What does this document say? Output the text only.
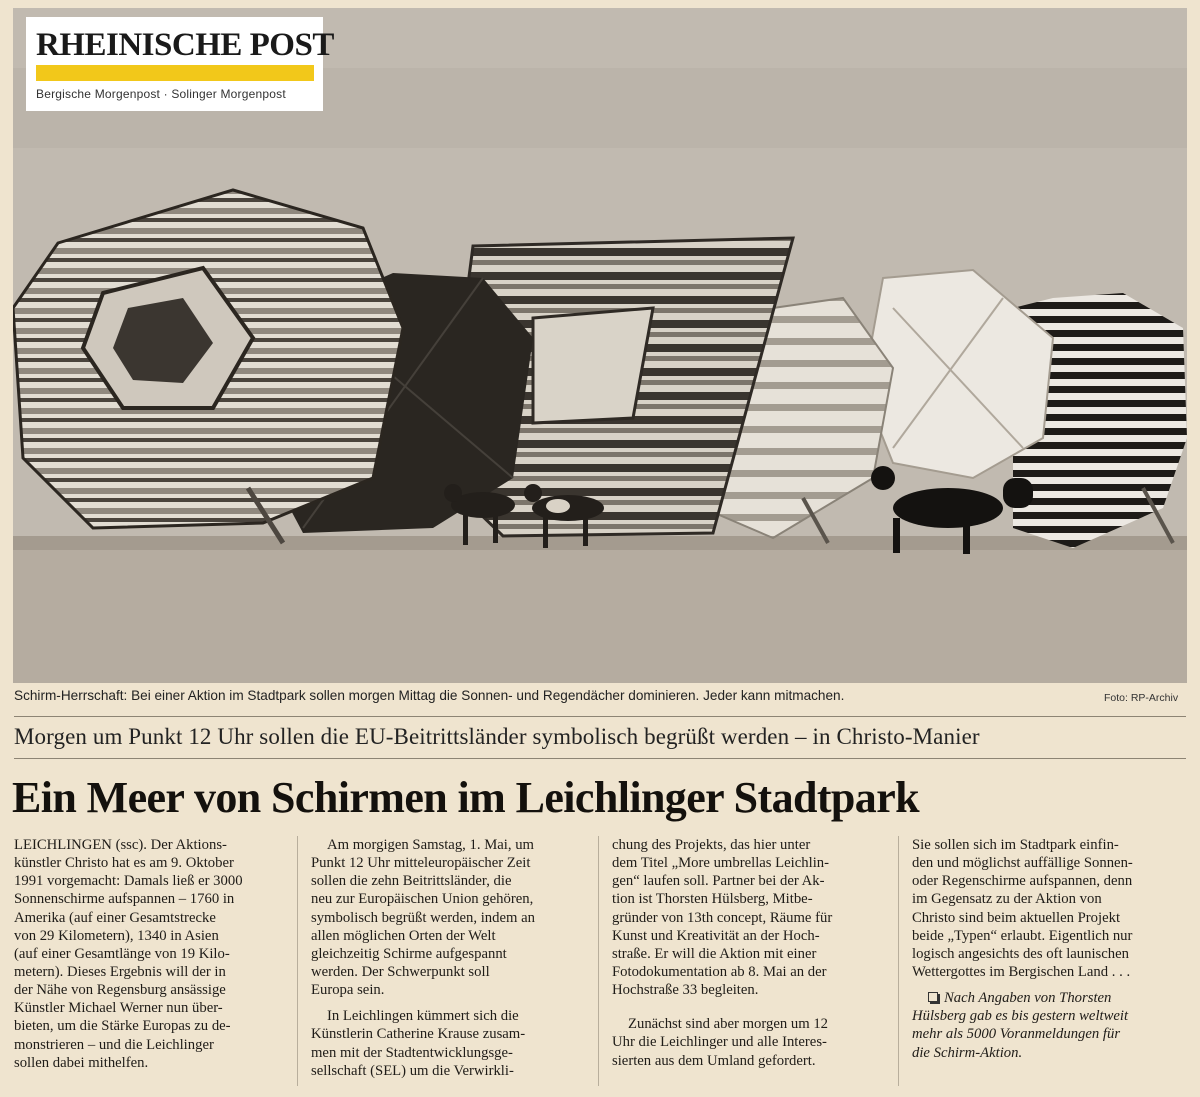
RHEINISCHE POST
Bergische Morgenpost · Solinger Morgenpost
Schirm-Herrschaft: Bei einer Aktion im Stadtpark sollen morgen Mittag die Sonnen- und Regendächer dominieren. Jeder kann mitmachen.	Foto: RP-Archiv
Morgen um Punkt 12 Uhr sollen die EU-Beitrittsländer symbolisch begrüßt werden – in Christo-Manier
Ein Meer von Schirmen im Leichlinger Stadtpark
LEICHLINGEN (ssc). Der Aktions-
künstler Christo hat es am 9. Oktober
1991 vorgemacht: Damals ließ er 3000
Sonnenschirme aufspannen – 1760 in
Amerika (auf einer Gesamtstrecke
von 29 Kilometern), 1340 in Asien
(auf einer Gesamtlänge von 19 Kilo-
metern). Dieses Ergebnis will der in
der Nähe von Regensburg ansässige
Künstler Michael Werner nun über-
bieten, um die Stärke Europas zu de-
monstrieren – und die Leichlinger
sollen dabei mithelfen.
Am morgigen Samstag, 1. Mai, um
Punkt 12 Uhr mitteleuropäischer Zeit
sollen die zehn Beitrittsländer, die
neu zur Europäischen Union gehören,
symbolisch begrüßt werden, indem an
allen möglichen Orten der Welt
gleichzeitig Schirme aufgespannt
werden. Der Schwerpunkt soll
Europa sein.
In Leichlingen kümmert sich die
Künstlerin Catherine Krause zusam-
men mit der Stadtentwicklungsge-
sellschaft (SEL) um die Verwirkli-
chung des Projekts, das hier unter
dem Titel „More umbrellas Leichlin-
gen“ laufen soll. Partner bei der Ak-
tion ist Thorsten Hülsberg, Mitbe-
gründer von 13th concept, Räume für
Kunst und Kreativität an der Hoch-
straße. Er will die Aktion mit einer
Fotodokumentation ab 8. Mai an der
Hochstraße 33 begleiten.
Zunächst sind aber morgen um 12
Uhr die Leichlinger und alle Interes-
sierten aus dem Umland gefordert.
Sie sollen sich im Stadtpark einfin-
den und möglichst auffällige Sonnen-
oder Regenschirme aufspannen, denn
im Gegensatz zu der Aktion von
Christo sind beim aktuellen Projekt
beide „Typen“ erlaubt. Eigentlich nur
logisch angesichts des oft launischen
Wettergottes im Bergischen Land . . .
Nach Angaben von Thorsten
Hülsberg gab es bis gestern weltweit
mehr als 5000 Voranmeldungen für
die Schirm-Aktion.
